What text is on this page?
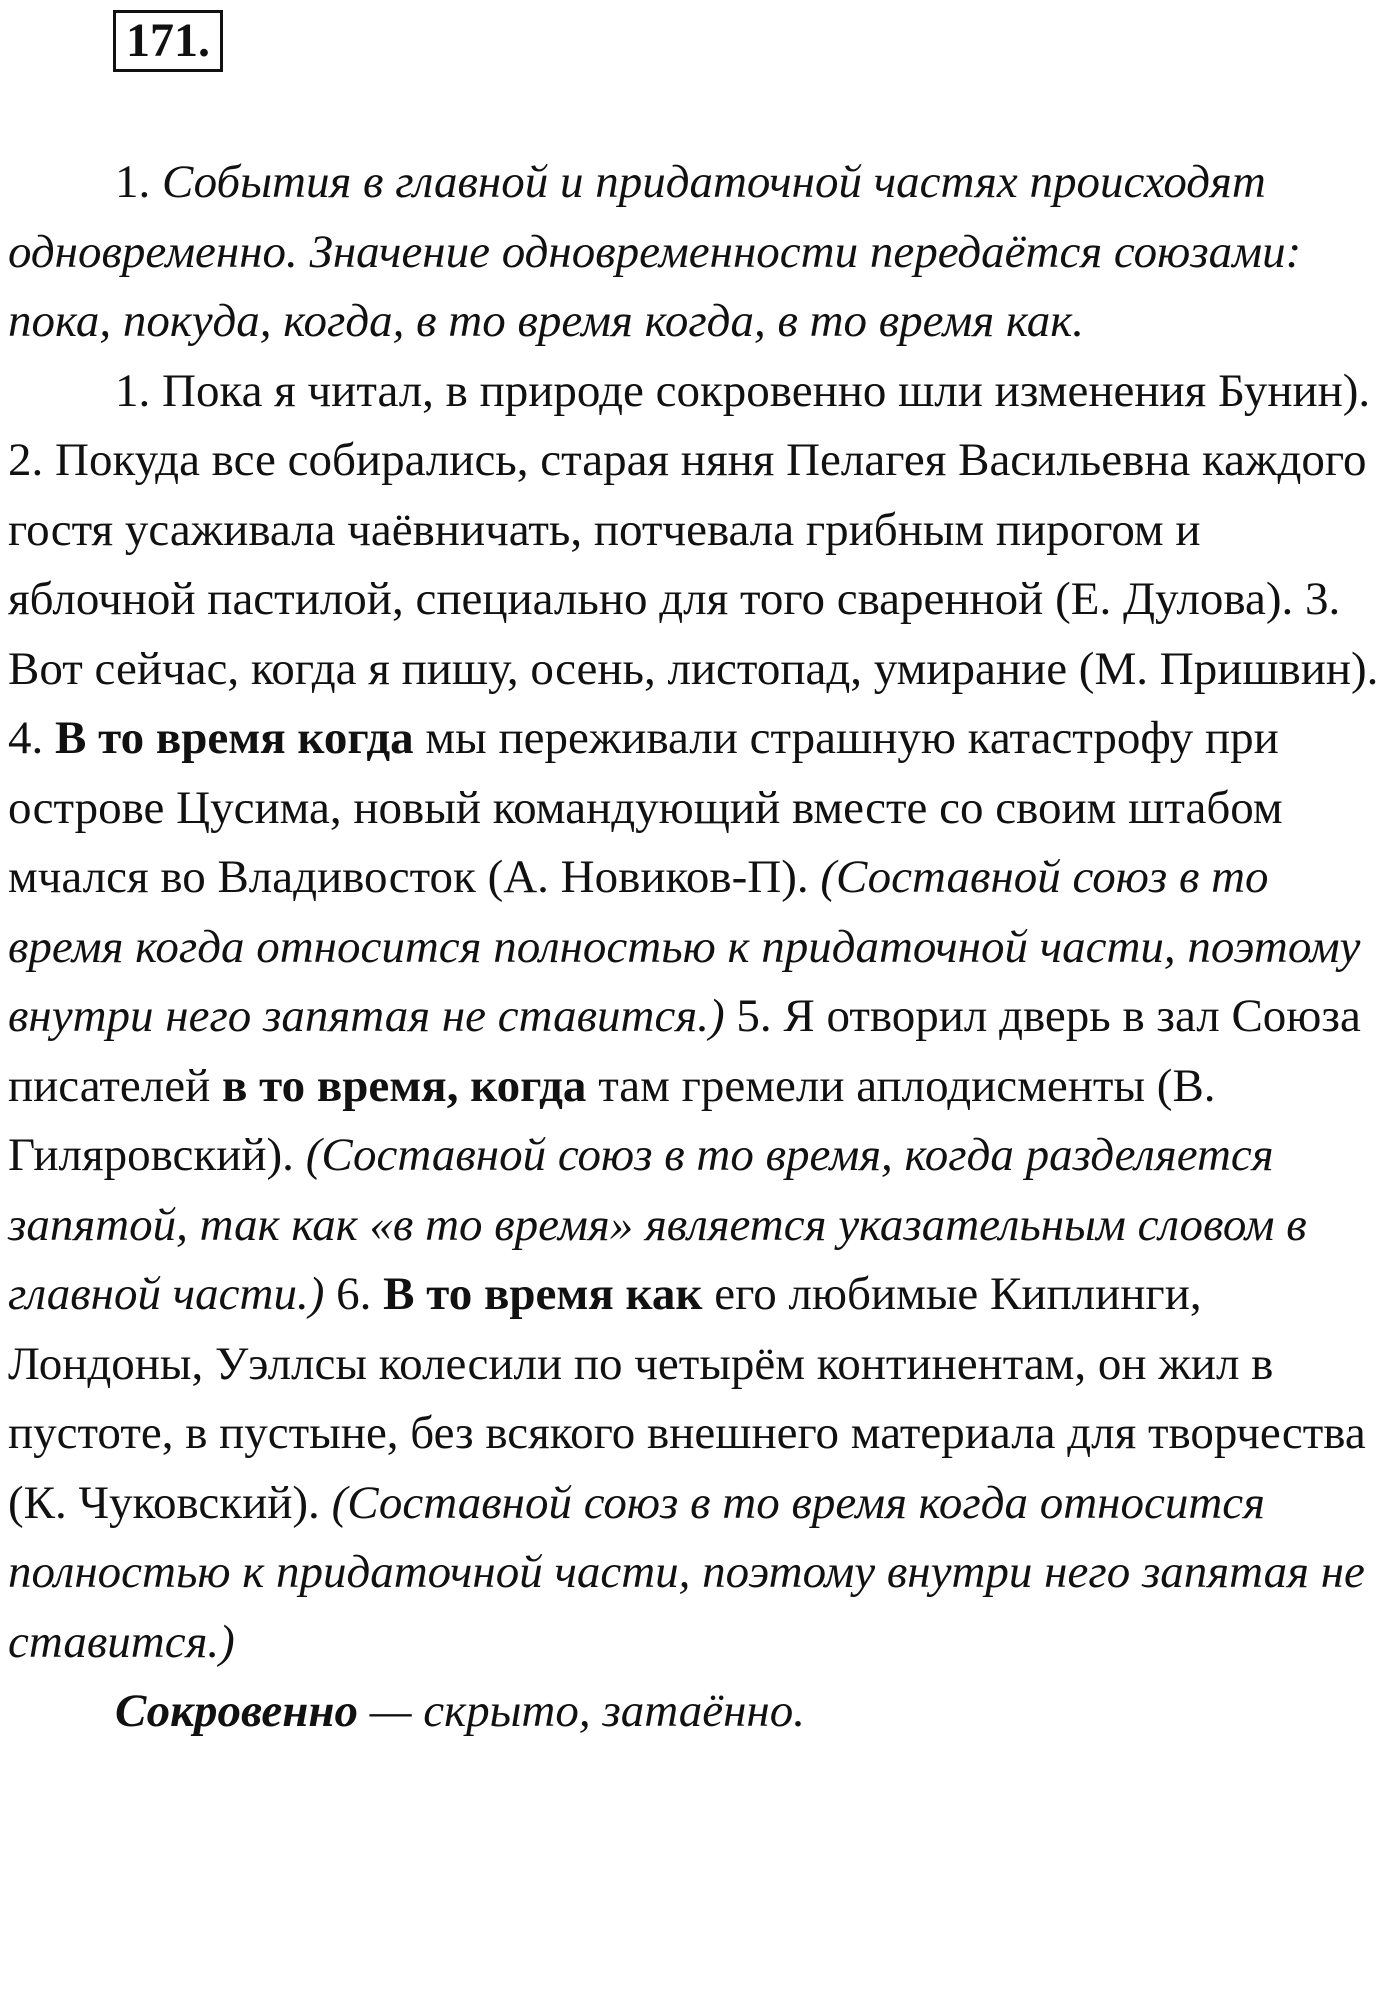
171.

1. События в главной и придаточной частях происходят одновременно. Значение одновременности передаётся союзами: пока, покуда, когда, в то время когда, в то время как.

1. Пока я читал, в природе сокровенно шли изменения Бунин). 2. Покуда все собирались, старая няня Пелагея Васильевна каждого гостя усаживала чаёвничать, потчевала грибным пирогом и яблочной пастилой, специально для того сваренной (Е. Дулова). 3. Вот сейчас, когда я пишу, осень, листопад, умирание (М. Пришвин). 4. В то время когда мы переживали страшную катастрофу при острове Цусима, новый командующий вместе со своим штабом мчался во Владивосток (А. Новиков-П). (Составной союз в то время когда относится полностью к придаточной части, поэтому внутри него запятая не ставится.) 5. Я отворил дверь в зал Союза писателей в то время, когда там гремели аплодисменты (В. Гиляровский). (Составной союз в то время, когда разделяется запятой, так как «в то время» является указательным словом в главной части.) 6. В то время как его любимые Киплинги, Лондоны, Уэллсы колесили по четырём континентам, он жил в пустоте, в пустыне, без всякого внешнего материала для творчества (К. Чуковский). (Составной союз в то время когда относится полностью к придаточной части, поэтому внутри него запятая не ставится.)

Сокровенно — скрыто, затаённо.
